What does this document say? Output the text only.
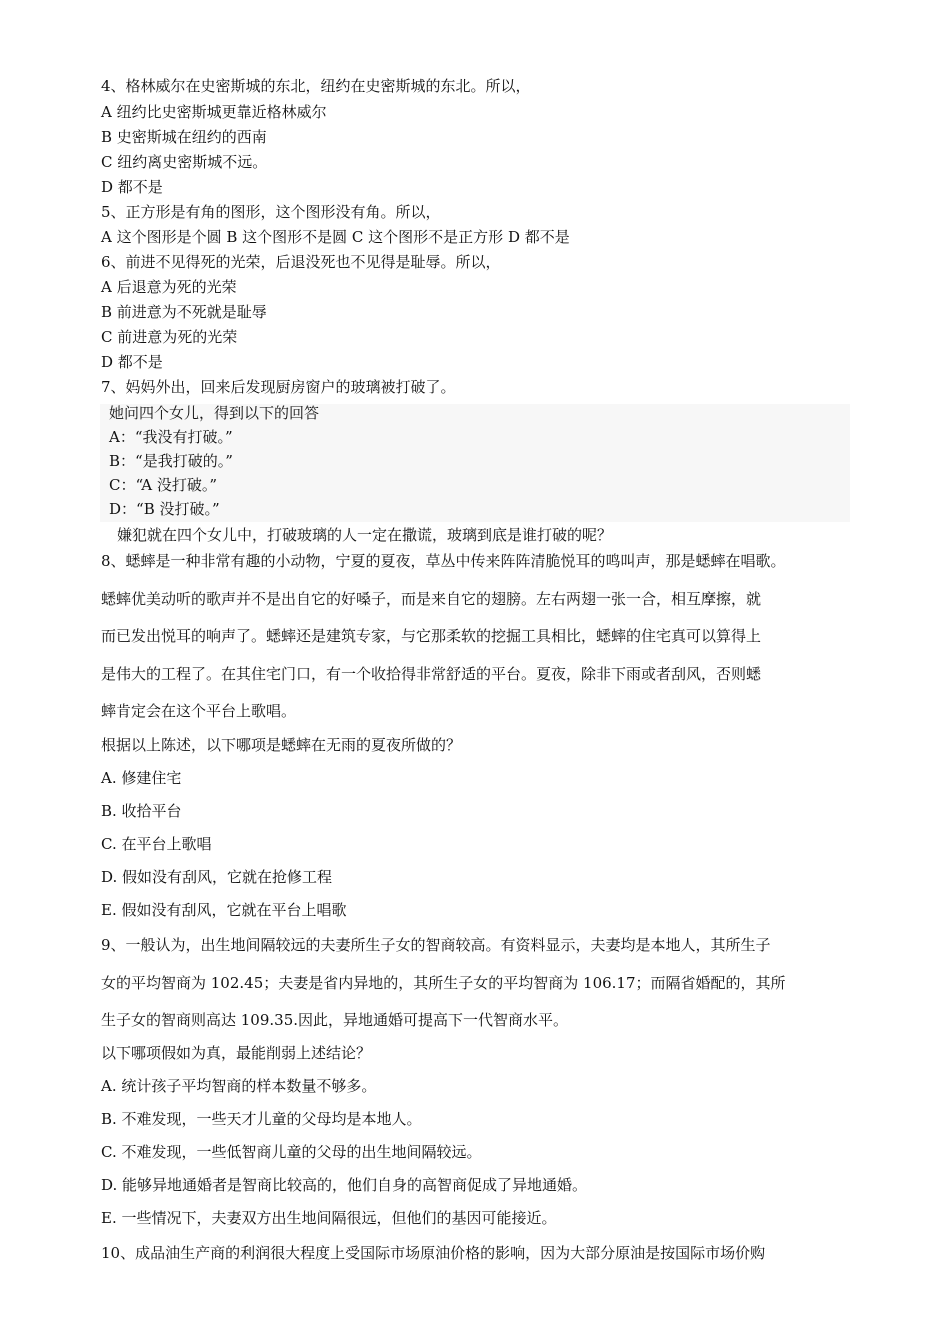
4、格林威尔在史密斯城的东北，纽约在史密斯城的东北。所以，
A 纽约比史密斯城更靠近格林威尔
B 史密斯城在纽约的西南
C 纽约离史密斯城不远。
D 都不是
5、正方形是有角的图形，这个图形没有角。所以，
A 这个图形是个圆 B 这个图形不是圆 C 这个图形不是正方形 D 都不是
6、前进不见得死的光荣，后退没死也不见得是耻辱。所以，
A 后退意为死的光荣
B 前进意为不死就是耻辱
C 前进意为死的光荣
D 都不是
7、妈妈外出，回来后发现厨房窗户的玻璃被打破了。
她问四个女儿，得到以下的回答
A：“我没有打破。”
B：“是我打破的。”
C：“A 没打破。”
D：“B 没打破。”
嫌犯就在四个女儿中，打破玻璃的人一定在撒谎，玻璃到底是谁打破的呢？
8、蟋蟀是一种非常有趣的小动物，宁夏的夏夜，草丛中传来阵阵清脆悦耳的鸣叫声，那是蟋蟀在唱歌。
蟋蟀优美动听的歌声并不是出自它的好嗓子，而是来自它的翅膀。左右两翅一张一合，相互摩擦，就
而已发出悦耳的响声了。蟋蟀还是建筑专家，与它那柔软的挖掘工具相比，蟋蟀的住宅真可以算得上
是伟大的工程了。在其住宅门口，有一个收拾得非常舒适的平台。夏夜，除非下雨或者刮风，否则蟋
蟀肯定会在这个平台上歌唱。
根据以上陈述，以下哪项是蟋蟀在无雨的夏夜所做的？
A. 修建住宅
B. 收拾平台
C. 在平台上歌唱
D. 假如没有刮风，它就在抢修工程
E. 假如没有刮风，它就在平台上唱歌
9、一般认为，出生地间隔较远的夫妻所生子女的智商较高。有资料显示，夫妻均是本地人，其所生子
女的平均智商为 102.45；夫妻是省内异地的，其所生子女的平均智商为 106.17；而隔省婚配的，其所
生子女的智商则高达 109.35.因此，异地通婚可提高下一代智商水平。
以下哪项假如为真，最能削弱上述结论？
A. 统计孩子平均智商的样本数量不够多。
B. 不难发现，一些天才儿童的父母均是本地人。
C. 不难发现，一些低智商儿童的父母的出生地间隔较远。
D. 能够异地通婚者是智商比较高的，他们自身的高智商促成了异地通婚。
E. 一些情况下，夫妻双方出生地间隔很远，但他们的基因可能接近。
10、成品油生产商的利润很大程度上受国际市场原油价格的影响，因为大部分原油是按国际市场价购
